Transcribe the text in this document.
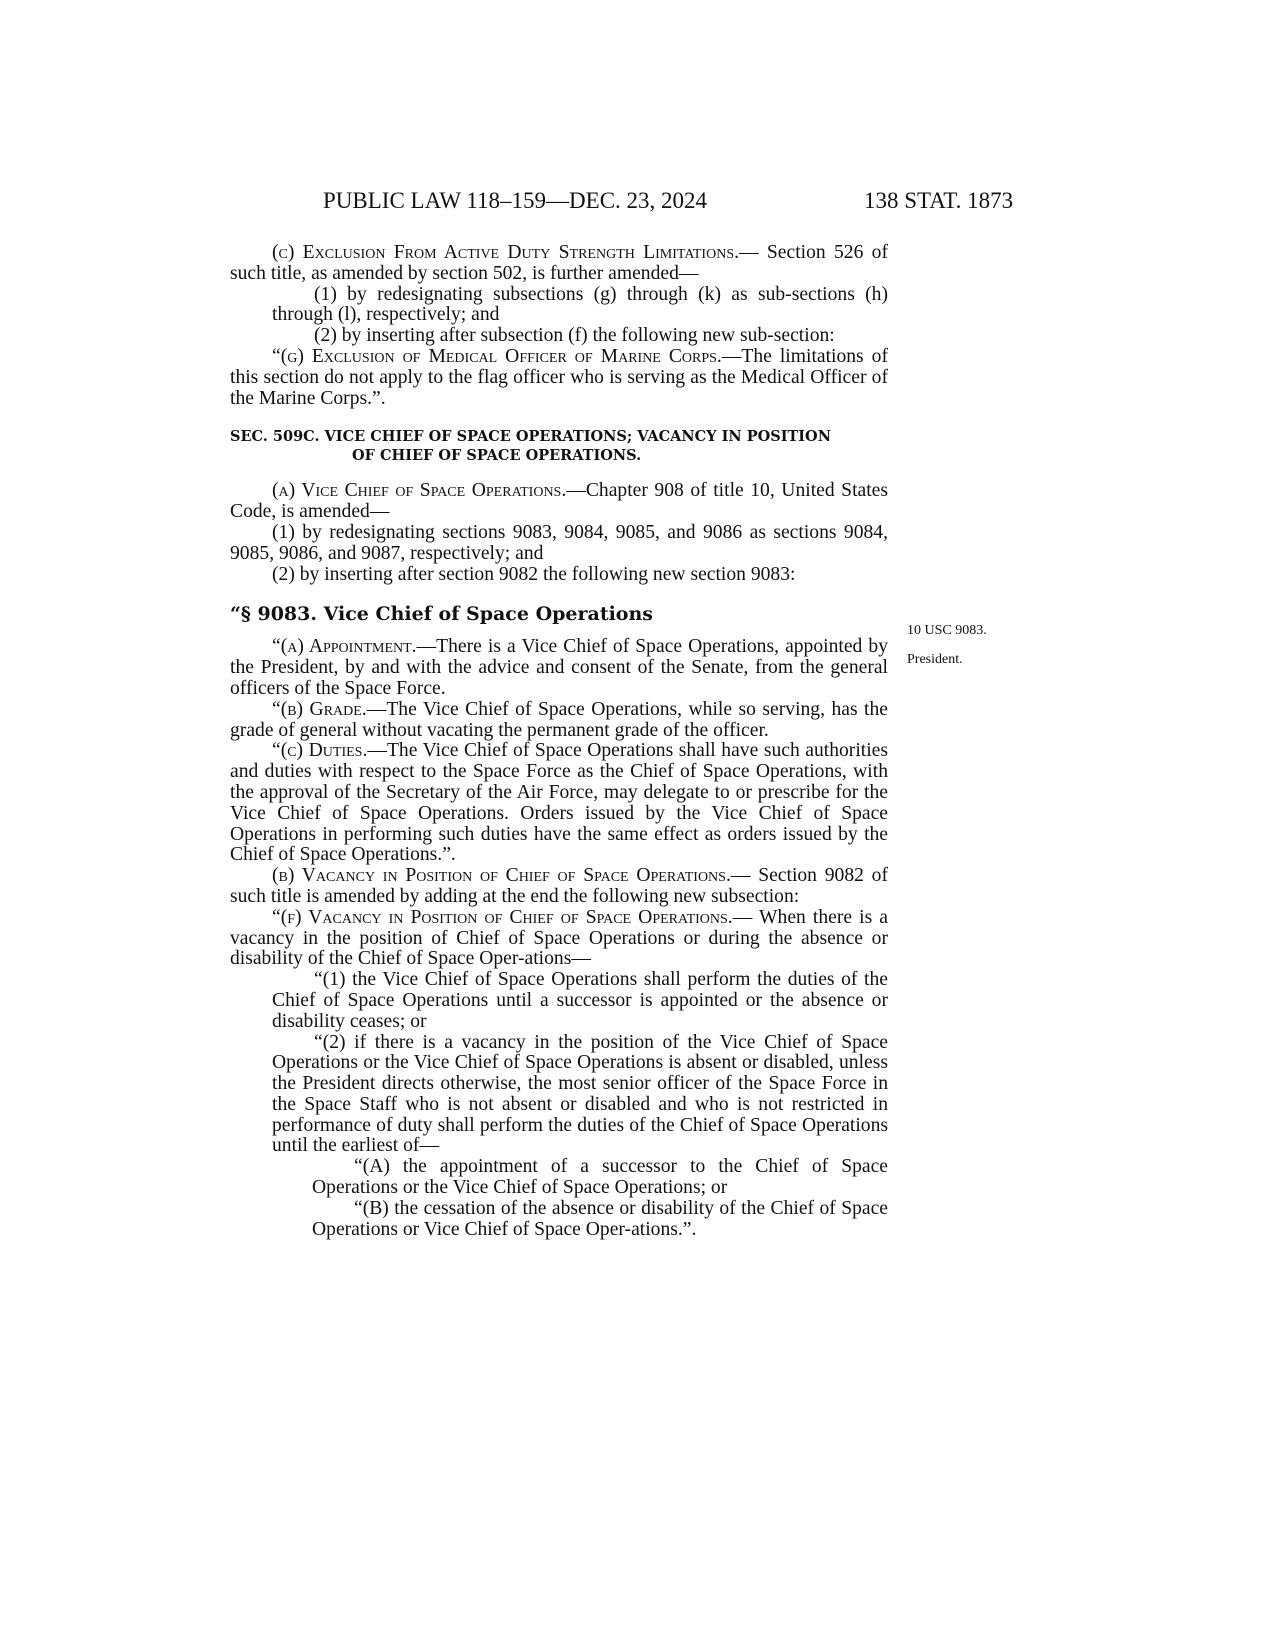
PUBLIC LAW 118–159—DEC. 23, 2024	138 STAT. 1873
10 USC 9083.
President.

(c) Exclusion From Active Duty Strength Limitations.— Section 526 of such title, as amended by section 502, is further amended—

(1) by redesignating subsections (g) through (k) as sub-sections (h) through (l), respectively; and

(2) by inserting after subsection (f) the following new sub-section:

“(g) Exclusion of Medical Officer of Marine Corps.—The limitations of this section do not apply to the flag officer who is serving as the Medical Officer of the Marine Corps.”.

SEC. 509C. VICE CHIEF OF SPACE OPERATIONS; VACANCY IN POSITION
OF CHIEF OF SPACE OPERATIONS.

(a) Vice Chief of Space Operations.—Chapter 908 of title 10, United States Code, is amended—

(1) by redesignating sections 9083, 9084, 9085, and 9086 as sections 9084, 9085, 9086, and 9087, respectively; and

(2) by inserting after section 9082 the following new section 9083:

“§ 9083. Vice Chief of Space Operations

“(a) Appointment.—There is a Vice Chief of Space Operations, appointed by the President, by and with the advice and consent of the Senate, from the general officers of the Space Force.

“(b) Grade.—The Vice Chief of Space Operations, while so serving, has the grade of general without vacating the permanent grade of the officer.

“(c) Duties.—The Vice Chief of Space Operations shall have such authorities and duties with respect to the Space Force as the Chief of Space Operations, with the approval of the Secretary of the Air Force, may delegate to or prescribe for the Vice Chief of Space Operations. Orders issued by the Vice Chief of Space Operations in performing such duties have the same effect as orders issued by the Chief of Space Operations.”.

(b) Vacancy in Position of Chief of Space Operations.— Section 9082 of such title is amended by adding at the end the following new subsection:

“(f) Vacancy in Position of Chief of Space Operations.— When there is a vacancy in the position of Chief of Space Operations or during the absence or disability of the Chief of Space Oper-ations—

“(1) the Vice Chief of Space Operations shall perform the duties of the Chief of Space Operations until a successor is appointed or the absence or disability ceases; or

“(2) if there is a vacancy in the position of the Vice Chief of Space Operations or the Vice Chief of Space Operations is absent or disabled, unless the President directs otherwise, the most senior officer of the Space Force in the Space Staff who is not absent or disabled and who is not restricted in performance of duty shall perform the duties of the Chief of Space Operations until the earliest of—

“(A) the appointment of a successor to the Chief of Space Operations or the Vice Chief of Space Operations; or

“(B) the cessation of the absence or disability of the Chief of Space Operations or Vice Chief of Space Oper-ations.”.
